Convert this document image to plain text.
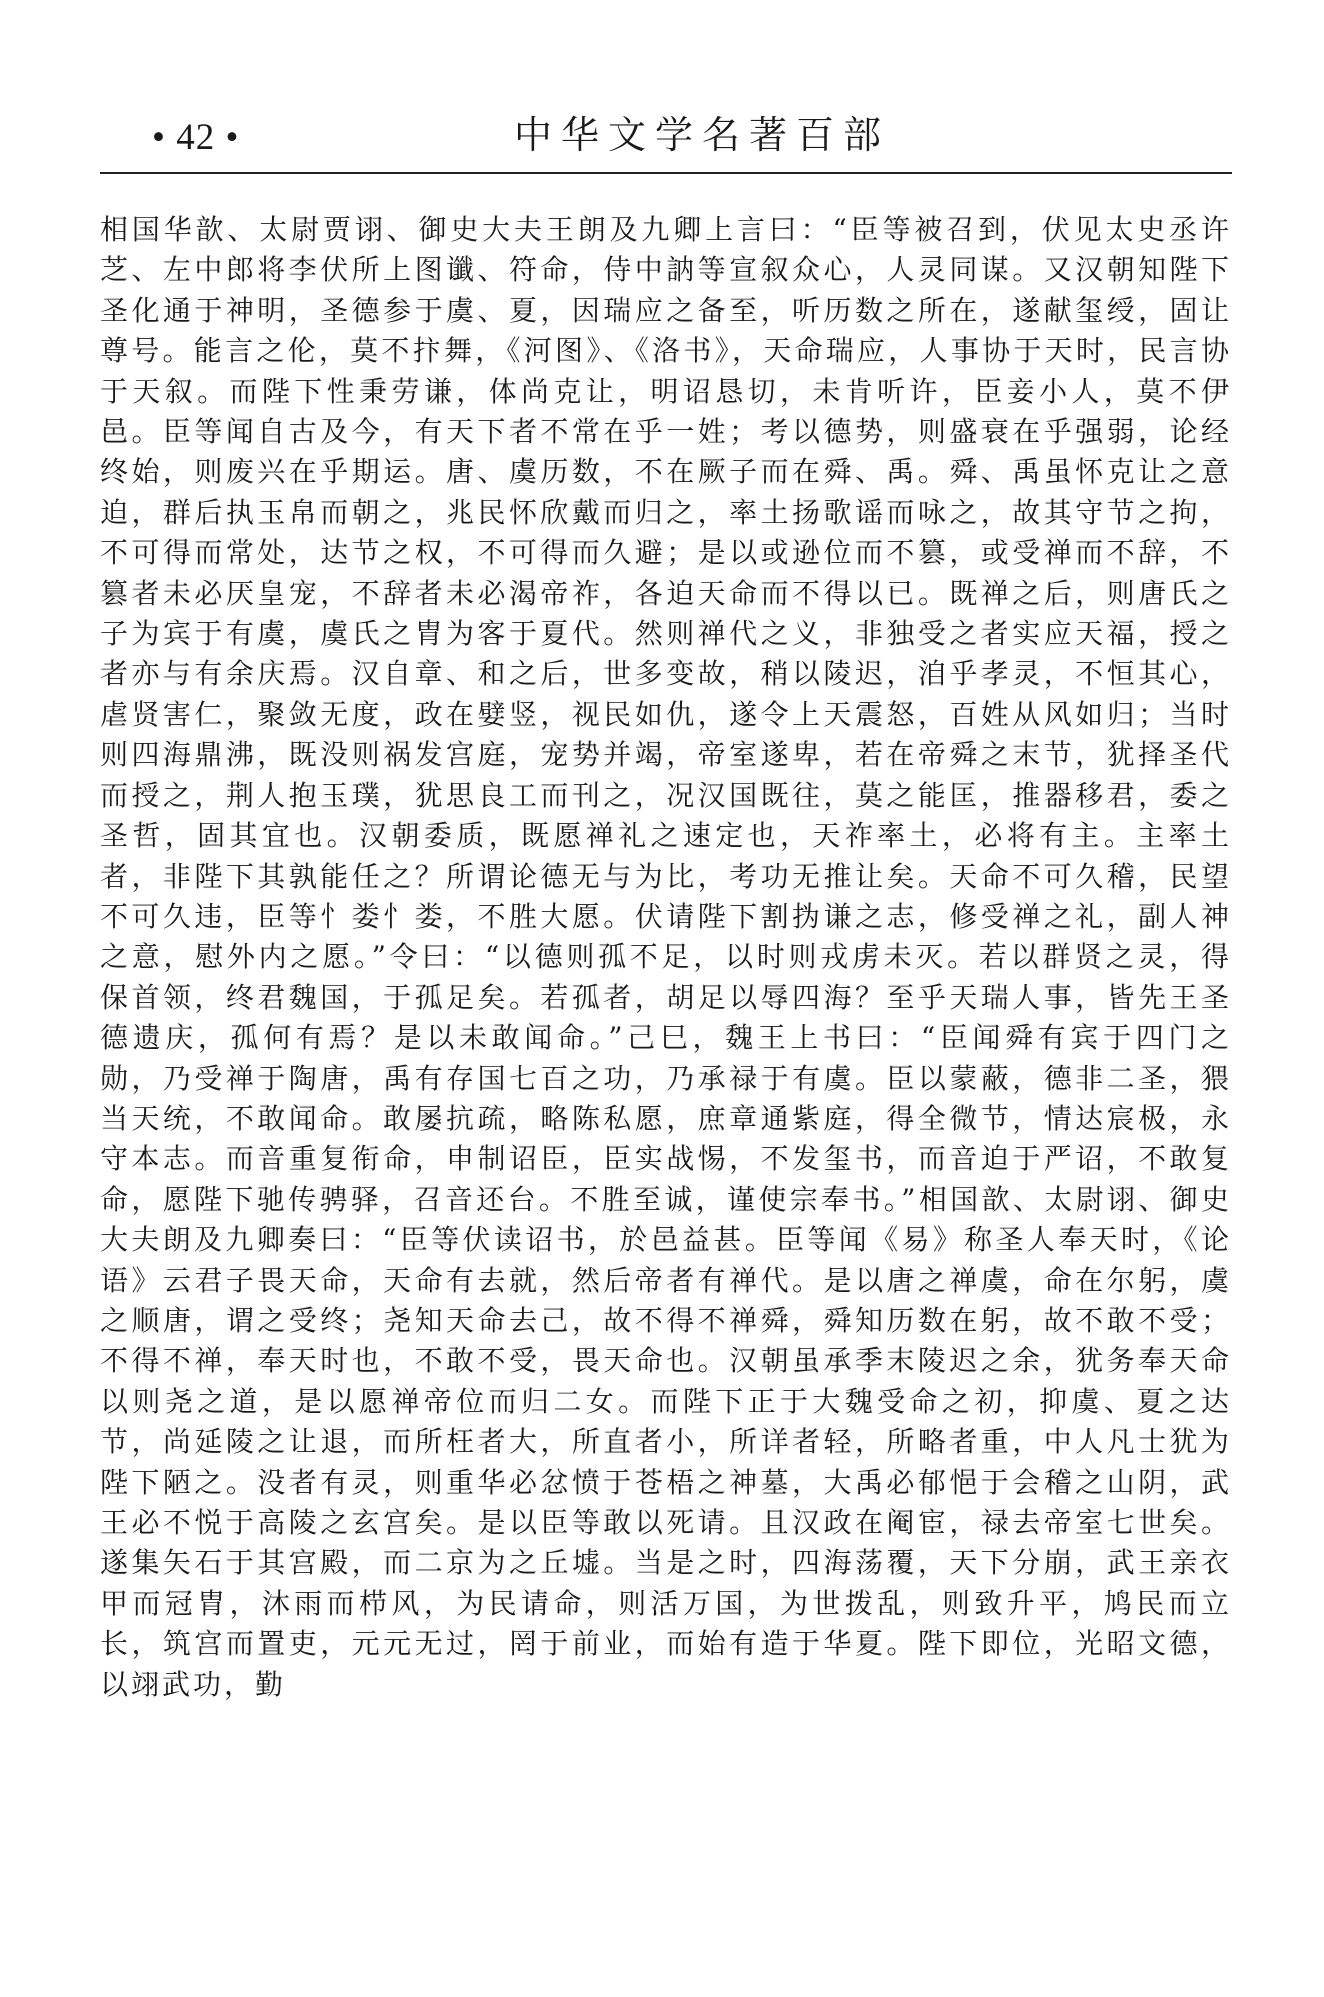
• 42 •	中华文学名著百部

相国华歆、太尉贾诩、御史大夫王朗及九卿上言曰：“臣等被召到，伏见太史丞许芝、左中郎将李伏所上图谶、符命，侍中訥等宣叙众心，人灵同谋。又汉朝知陛下圣化通于神明，圣德参于虞、夏，因瑞应之备至，听历数之所在，遂献玺绶，固让尊号。能言之伦，莫不抃舞，《河图》、《洛书》，天命瑞应，人事协于天时，民言协于天叙。而陛下性秉劳谦，体尚克让，明诏恳切，未肯听许，臣妾小人，莫不伊邑。臣等闻自古及今，有天下者不常在乎一姓；考以德势，则盛衰在乎强弱，论经终始，则废兴在乎期运。唐、虞历数，不在厥子而在舜、禹。舜、禹虽怀克让之意迫，群后执玉帛而朝之，兆民怀欣戴而归之，率土扬歌谣而咏之，故其守节之拘，不可得而常处，达节之权，不可得而久避；是以或逊位而不篡，或受禅而不辞，不篡者未必厌皇宠，不辞者未必渴帝祚，各迫天命而不得以已。既禅之后，则唐氏之子为宾于有虞，虞氏之胄为客于夏代。然则禅代之义，非独受之者实应天福，授之者亦与有余庆焉。汉自章、和之后，世多变故，稍以陵迟，洎乎孝灵，不恒其心，虐贤害仁，聚敛无度，政在嬖竖，视民如仇，遂令上天震怒，百姓从风如归；当时则四海鼎沸，既没则祸发宫庭，宠势并竭，帝室遂卑，若在帝舜之末节，犹择圣代而授之，荆人抱玉璞，犹思良工而刊之，况汉国既往，莫之能匡，推器移君，委之圣哲，固其宜也。汉朝委质，既愿禅礼之速定也，天祚率土，必将有主。主率土者，非陛下其孰能任之？所谓论德无与为比，考功无推让矣。天命不可久稽，民望不可久违，臣等忄娄忄娄，不胜大愿。伏请陛下割㧑谦之志，修受禅之礼，副人神之意，慰外内之愿。”令曰：“以德则孤不足，以时则戎虏未灭。若以群贤之灵，得保首领，终君魏国，于孤足矣。若孤者，胡足以辱四海？至乎天瑞人事，皆先王圣德遗庆，孤何有焉？是以未敢闻命。”己巳，魏王上书曰：“臣闻舜有宾于四门之勋，乃受禅于陶唐，禹有存国七百之功，乃承禄于有虞。臣以蒙蔽，德非二圣，猥当天统，不敢闻命。敢屡抗疏，略陈私愿，庶章通紫庭，得全微节，情达宸极，永守本志。而音重复衔命，申制诏臣，臣实战惕，不发玺书，而音迫于严诏，不敢复命，愿陛下驰传骋驿，召音还台。不胜至诚，谨使宗奉书。”相国歆、太尉诩、御史大夫朗及九卿奏曰：“臣等伏读诏书，於邑益甚。臣等闻《易》称圣人奉天时，《论语》云君子畏天命，天命有去就，然后帝者有禅代。是以唐之禅虞，命在尔躬，虞之顺唐，谓之受终；尧知天命去己，故不得不禅舜，舜知历数在躬，故不敢不受；不得不禅，奉天时也，不敢不受，畏天命也。汉朝虽承季末陵迟之余，犹务奉天命以则尧之道，是以愿禅帝位而归二女。而陛下正于大魏受命之初，抑虞、夏之达节，尚延陵之让退，而所枉者大，所直者小，所详者轻，所略者重，中人凡士犹为陛下陋之。没者有灵，则重华必忿愤于苍梧之神墓，大禹必郁悒于会稽之山阴，武王必不悦于高陵之玄宫矣。是以臣等敢以死请。且汉政在阉宦，禄去帝室七世矣。遂集矢石于其宫殿，而二京为之丘墟。当是之时，四海荡覆，天下分崩，武王亲衣甲而冠胄，沐雨而栉风，为民请命，则活万国，为世拨乱，则致升平，鸠民而立长，筑宫而置吏，元元无过，罔于前业，而始有造于华夏。陛下即位，光昭文德，以翊武功，勤
